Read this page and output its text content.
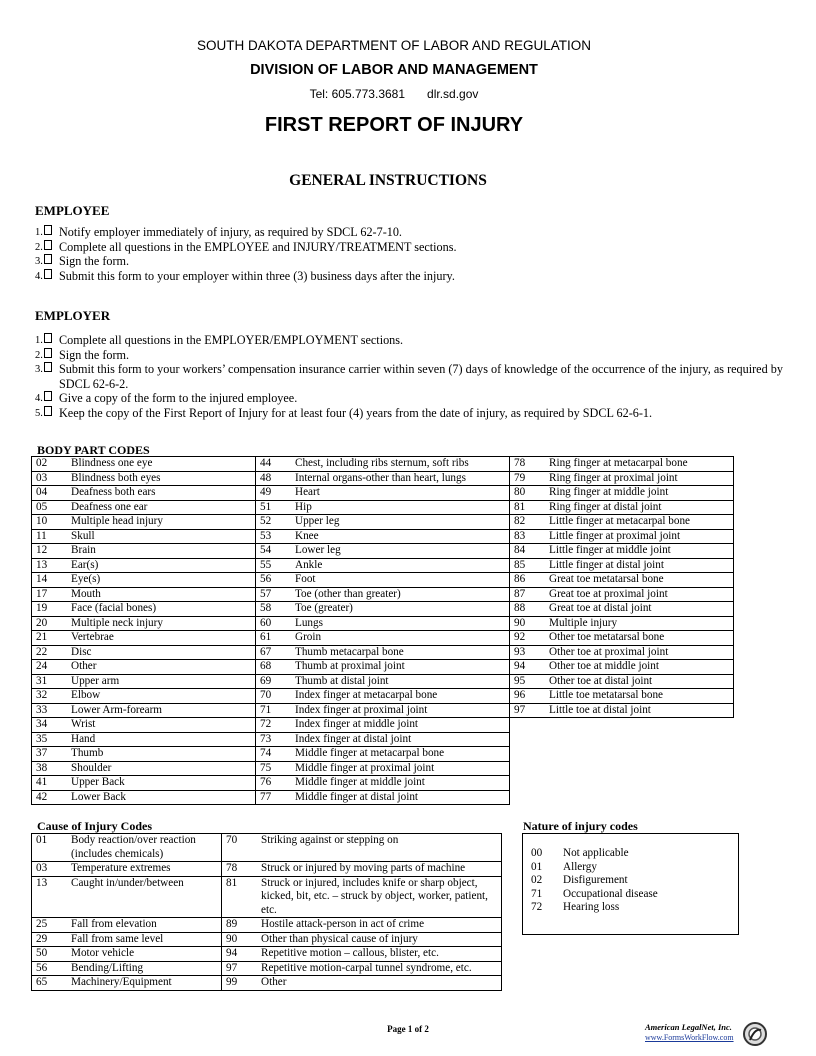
SOUTH DAKOTA DEPARTMENT OF LABOR AND REGULATION
DIVISION OF LABOR AND MANAGEMENT
Tel: 605.773.3681 dlr.sd.gov
FIRST REPORT OF INJURY
GENERAL INSTRUCTIONS
EMPLOYEE
1.	Notify employer immediately of injury, as required by SDCL 62-7-10.
2.	Complete all questions in the EMPLOYEE and INJURY/TREATMENT sections.
3.	Sign the form.
4.	Submit this form to your employer within three (3) business days after the injury.
EMPLOYER
1.	Complete all questions in the EMPLOYER/EMPLOYMENT sections.
2.	Sign the form.
3.	Submit this form to your workers’ compensation insurance carrier within seven (7) days of knowledge of the occurrence of the injury, as required by SDCL 62-6-2.
4.	Give a copy of the form to the injured employee.
5.	Keep the copy of the First Report of Injury for at least four (4) years from the date of injury, as required by SDCL 62-6-1.
BODY PART CODES
02	Blindness one eye	44	Chest, including ribs sternum, soft ribs	78	Ring finger at metacarpal bone
03	Blindness both eyes	48	Internal organs-other than heart, lungs	79	Ring finger at proximal joint
04	Deafness both ears	49	Heart	80	Ring finger at middle joint
05	Deafness one ear	51	Hip	81	Ring finger at distal joint
10	Multiple head injury	52	Upper leg	82	Little finger at metacarpal bone
11	Skull	53	Knee	83	Little finger at proximal joint
12	Brain	54	Lower leg	84	Little finger at middle joint
13	Ear(s)	55	Ankle	85	Little finger at distal joint
14	Eye(s)	56	Foot	86	Great toe metatarsal bone
17	Mouth	57	Toe (other than greater)	87	Great toe at proximal joint
19	Face (facial bones)	58	Toe (greater)	88	Great toe at distal joint
20	Multiple neck injury	60	Lungs	90	Multiple injury
21	Vertebrae	61	Groin	92	Other toe metatarsal bone
22	Disc	67	Thumb metacarpal bone	93	Other toe at proximal joint
24	Other	68	Thumb at proximal joint	94	Other toe at middle joint
31	Upper arm	69	Thumb at distal joint	95	Other toe at distal joint
32	Elbow	70	Index finger at metacarpal bone	96	Little toe metatarsal bone
33	Lower Arm-forearm	71	Index finger at proximal joint	97	Little toe at distal joint
34	Wrist	72	Index finger at middle joint		
35	Hand	73	Index finger at distal joint		
37	Thumb	74	Middle finger at metacarpal bone		
38	Shoulder	75	Middle finger at proximal joint		
41	Upper Back	76	Middle finger at middle joint		
42	Lower Back	77	Middle finger at distal joint		
Cause of Injury Codes
01	Body reaction/over reaction (includes chemicals)	70	Striking against or stepping on
03	Temperature extremes	78	Struck or injured by moving parts of machine
13	Caught in/under/between	81	Struck or injured, includes knife or sharp object, kicked, bit, etc. – struck by object, worker, patient, etc.
25	Fall from elevation	89	Hostile attack-person in act of crime
29	Fall from same level	90	Other than physical cause of injury
50	Motor vehicle	94	Repetitive motion – callous, blister, etc.
56	Bending/Lifting	97	Repetitive motion-carpal tunnel syndrome, etc.
65	Machinery/Equipment	99	Other
Nature of injury codes
00	Not applicable
01	Allergy
02	Disfigurement
71	Occupational disease
72	Hearing loss
Page 1 of 2	American LegalNet, Inc.
www.FormsWorkFlow.com
